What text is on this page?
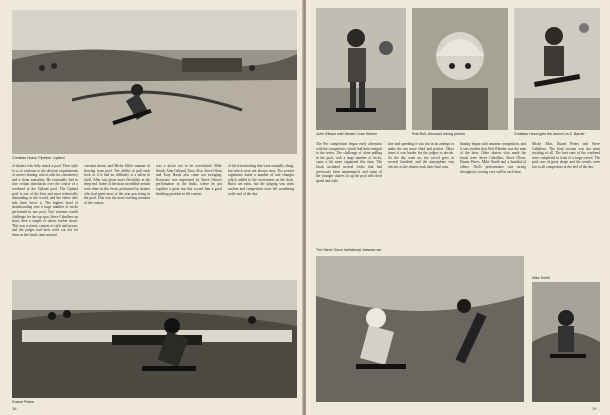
Christian Hosoi, Pipeline, Upland
of skaters who fully attack a pool. Their style is so to conform to the obvious requirements of correct skating, which calls for consistency and a clean transition. He eventually had to face certain drawbacks over the course of a weekend at the Upland pool. The Upland pool is one of the best and most technically demanding in the world, and the riders who ride there know it. The highest level of skateboarding sees a huge number of tricks performed in one pool. Two veterans would challenge for the top spot: Steve Caballero up front, then a couple of others further down. This was a classic contest of style and power, and the judges had their work cut out for them as the finals came around.
constant threat, and Micke Alba's manner of flowing from pool. The ability to pull each trick as if it had no difficulty is a talent in itself. Alba was given more flexibility at the deep end. Some of the most incredible aerials were done in this event, performed by skaters who had spent most of the year practicing in the pool. This was the most exciting moment of the contest.
was a factor not to be overlooked. Mike Smith, Alan Gelfand, Tony Alva, Steve Olson and Tony Hawk also came out swinging. Everyone was impressed by Steve Olson's performance in the finals, where he put together a great run that scored him a good finishing position in the contest.
of the freewheeling that went naturally along, but which were not always easy. The contest organizers made a number of rule changes which added to the excitement on the deck. Rules are rules, but the judging was often unclear and competitors were left wondering at the end of the day.
Duane Peters
16
John Gibson with Hester Cone Slalom	Rob Roll, Arizona's wrong person	Christian Hosoi gets the launch on Z. Barrier
The Pro competition began early afternoon with the competitors, which had been integral to the series. The challenge of clean pulling in the pool, with a large number of tricks, came a bit more organized this time. The finals included several tricks that had previously been unattempted, and some of the younger skaters lit up the pool with their speed and style.
fore and speeding it was run in an attempt to make the run more fluid and perfect. Other times it was harder for the judges to decide. As the day went on, the crowd grew to several hundred, and the atmosphere was electric as the skaters took their final runs.
Sunday began with amateur competition, and it was evident that Neil Blender was the man of the hour. Other skaters who made the finals were Steve Caballero, Steve Olson, Duane Peters, Mike Smith and a handful of others. Neil's performance was strong throughout, scoring very well in each heat.
Micke Alba, Duane Peters and Steve Caballero. The final session was the most exciting of all. The best runs of the weekend were completed in front of a large crowd. The pool was in great shape and the results were fair to all competitors at the end of the day.
The Steve Olson Invitational, balance act
Mike Smith
19
